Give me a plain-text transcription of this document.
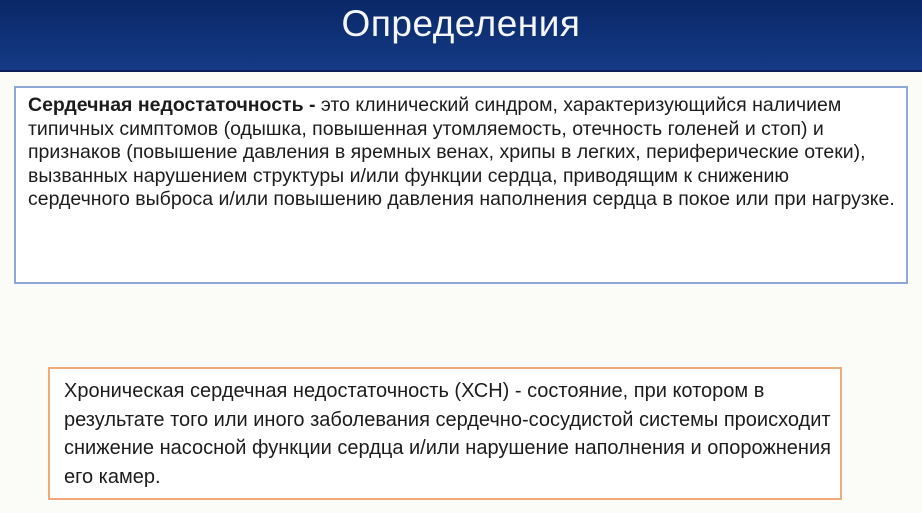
Определения
Сердечная недостаточность - это клинический синдром, характеризующийся наличием типичных симптомов (одышка, повышенная утомляемость, отечность голеней и стоп) и признаков (повышение давления в яремных венах, хрипы в легких, периферические отеки), вызванных нарушением структуры и/или функции сердца, приводящим к снижению сердечного выброса и/или повышению давления наполнения сердца в покое или при нагрузке.
Хроническая сердечная недостаточность (ХСН) - состояние, при котором в результате того или иного заболевания сердечно-сосудистой системы происходит снижение насосной функции сердца и/или нарушение наполнения и опорожнения его камер.
